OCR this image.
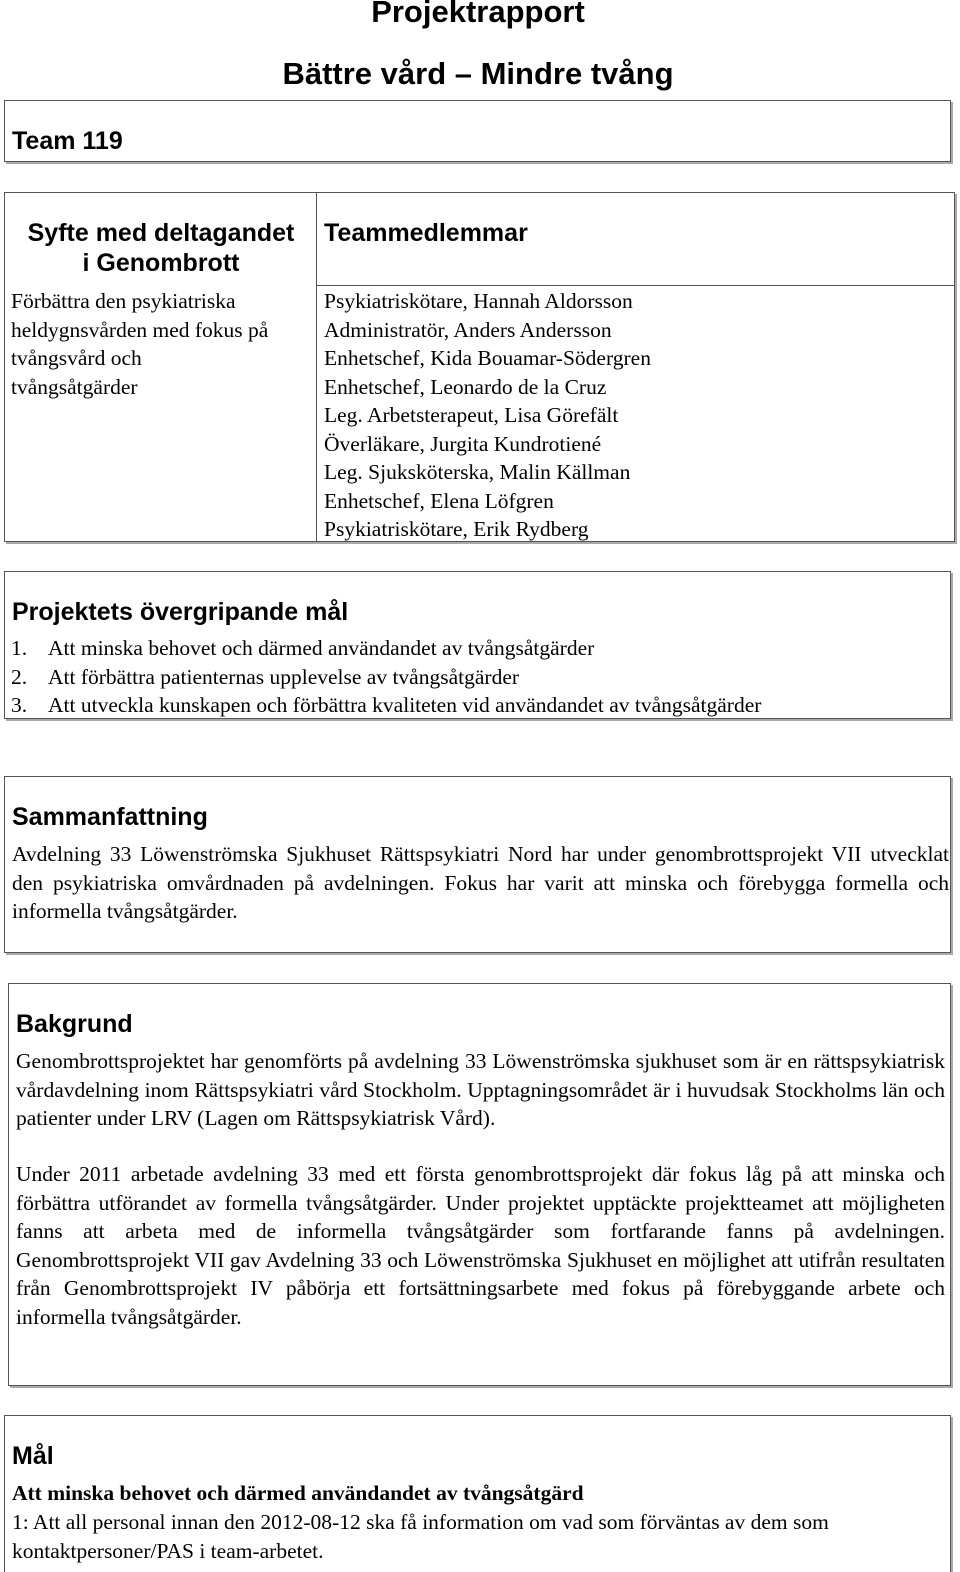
Projektrapport
Bättre vård – Mindre tvång
Team 119
Syfte med deltagandet
i Genombrott
Förbättra den psykiatriska
heldygnsvården med fokus på
tvångsvård och
tvångsåtgärder
Teammedlemmar
Psykiatriskötare, Hannah Aldorsson
Administratör, Anders Andersson
Enhetschef, Kida Bouamar-Södergren
Enhetschef, Leonardo de la Cruz
Leg. Arbetsterapeut, Lisa Görefält
Överläkare, Jurgita Kundrotiené
Leg. Sjuksköterska, Malin Källman
Enhetschef, Elena Löfgren
Psykiatriskötare, Erik Rydberg
Projektets övergripande mål
1. Att minska behovet och därmed användandet av tvångsåtgärder
2. Att förbättra patienternas upplevelse av tvångsåtgärder
3. Att utveckla kunskapen och förbättra kvaliteten vid användandet av tvångsåtgärder
Sammanfattning

Avdelning 33 Löwenströmska Sjukhuset Rättspsykiatri Nord har under genombrottsprojekt VII utvecklat den psykiatriska omvårdnaden på avdelningen. Fokus har varit att minska och förebygga formella och informella tvångsåtgärder.

Bakgrund

Genombrottsprojektet har genomförts på avdelning 33 Löwenströmska sjukhuset som är en rättspsykiatrisk vårdavdelning inom Rättspsykiatri vård Stockholm. Upptagningsområdet är i huvudsak Stockholms län och patienter under LRV (Lagen om Rättspsykiatrisk Vård).

Under 2011 arbetade avdelning 33 med ett första genombrottsprojekt där fokus låg på att minska och förbättra utförandet av formella tvångsåtgärder. Under projektet upptäckte projektteamet att möjligheten fanns att arbeta med de informella tvångsåtgärder som fortfarande fanns på avdelningen. Genombrottsprojekt VII gav Avdelning 33 och Löwenströmska Sjukhuset en möjlighet att utifrån resultaten från Genombrottsprojekt IV påbörja ett fortsättningsarbete med fokus på förebyggande arbete och informella tvångsåtgärder.

Mål

Att minska behovet och därmed användandet av tvångsåtgärd

1: Att all personal innan den 2012-08-12 ska få information om vad som förväntas av dem som kontaktpersoner/PAS i team-arbetet.
